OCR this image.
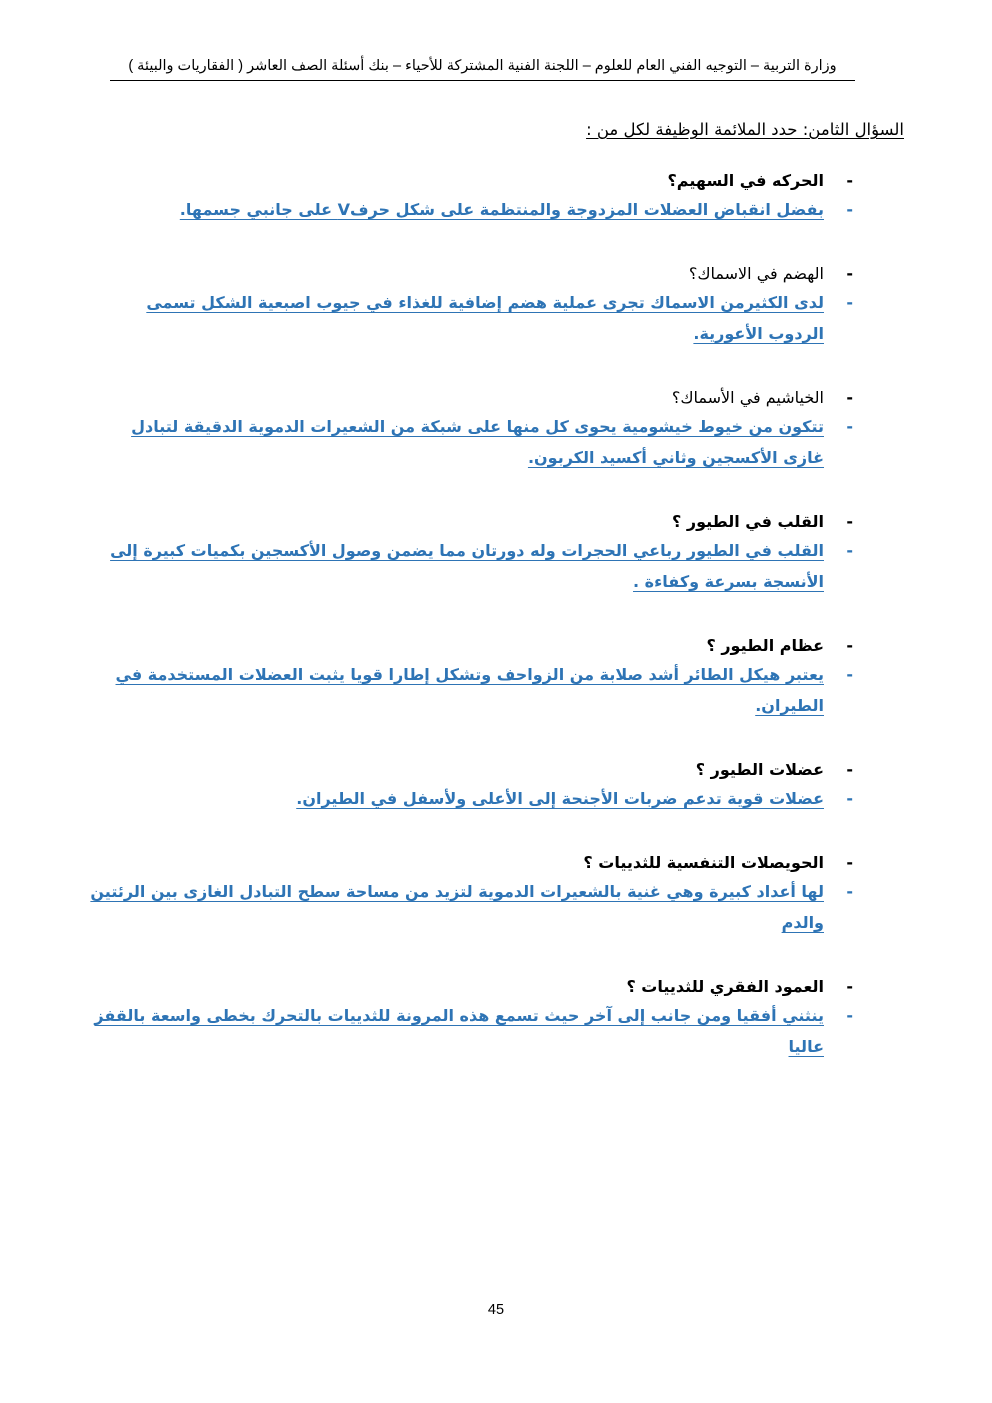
وزارة التربية – التوجيه الفني العام للعلوم – اللجنة الفنية المشتركة للأحياء – بنك أسئلة الصف العاشر ( الفقاريات والبيئة )
السؤال الثامن: حدد الملائمة الوظيفة لكل من :
-
الحركه في السهيم؟
-
بفضل انقباض العضلات المزدوجة والمنتظمة على شكل حرفV على جانبي جسمها.
-
الهضم في الاسماك؟
-
لدى الكثيرمن الاسماك تجرى عملية هضم إضافية للغذاء في جيوب اصبعية الشكل تسمى الردوب الأعورية.
-
الخياشيم في الأسماك؟
-
تتكون من خيوط خيشومية يحوى كل منها على شبكة من الشعيرات الدموية الدقيقة لتبادل غازى الأكسجين وثاني أكسيد الكربون.
-
القلب في الطيور ؟
-
القلب في الطيور رباعي الحجرات وله دورتان مما يضمن وصول الأكسجين بكميات كبيرة إلى الأنسجة بسرعة وكفاءة .
-
عظام الطيور ؟
-
يعتبر هيكل الطائر أشد صلابة من الزواحف وتشكل إطارا قويا يثبت العضلات المستخدمة في الطيران.
-
عضلات الطيور ؟
-
عضلات قوية تدعم ضربات الأجنحة إلى الأعلى ولأسفل في الطيران.
-
الحويصلات التنفسية للثدييات ؟
-
لها أعداد كبيرة وهي غنية بالشعيرات الدموية لتزيد من مساحة سطح التبادل الغازى بين الرئتين والدم
-
العمود الفقري للثدييات ؟
-
ينثني أفقيا ومن جانب إلى آخر حيث تسمع هذه المرونة للثدييات بالتحرك بخطى واسعة بالقفز عاليا
45
